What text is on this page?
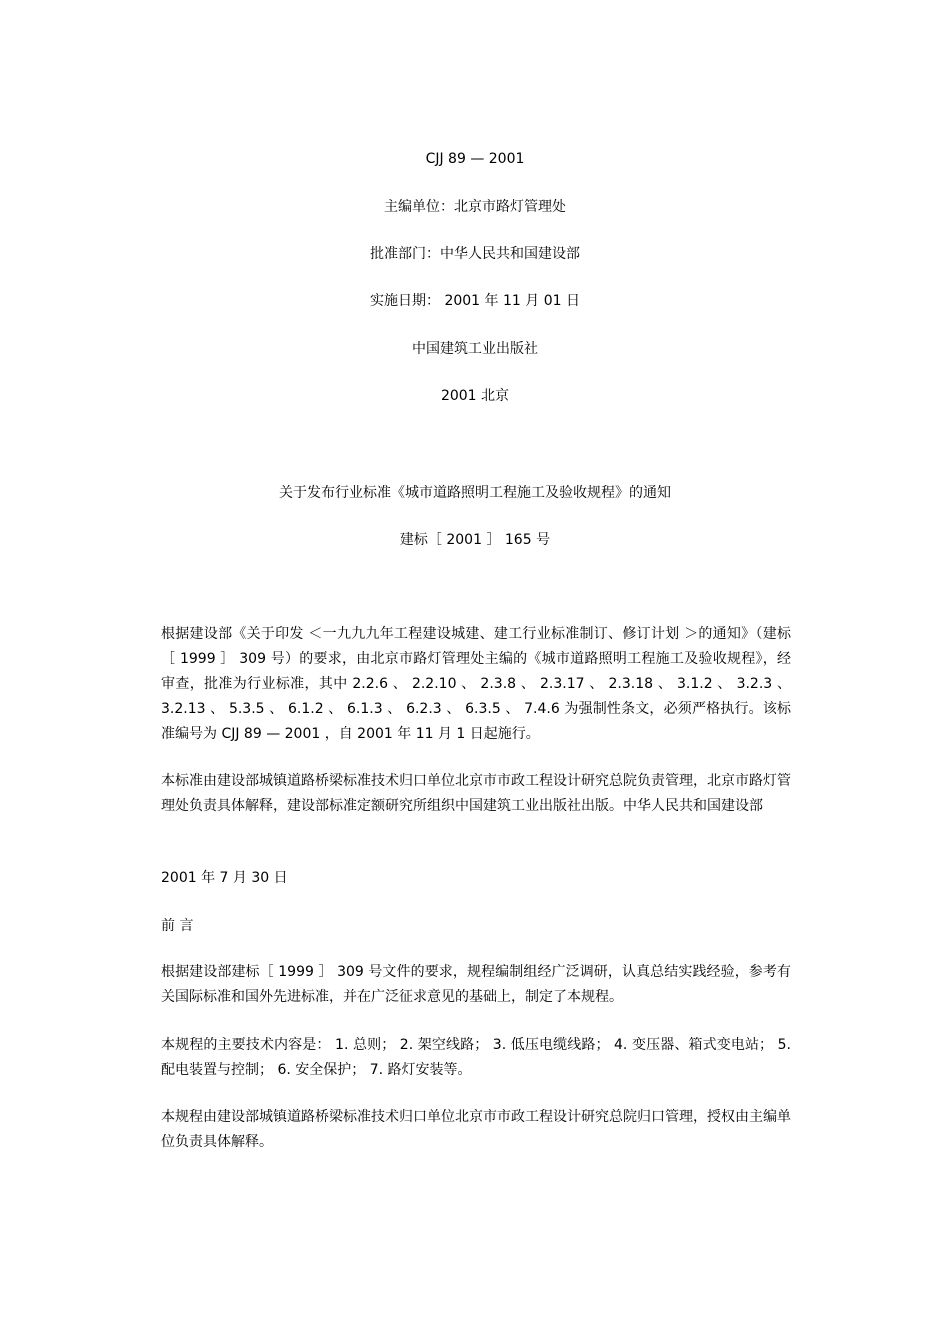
CJJ 89 — 2001
主编单位：北京市路灯管理处
批准部门：中华人民共和国建设部
实施日期： 2001 年 11 月 01 日
中国建筑工业出版社
2001 北京
关于发布行业标准《城市道路照明工程施工及验收规程》的通知
建标［ 2001 ］ 165 号
根据建设部《关于印发 ＜一九九九年工程建设城建、建工行业标准制订、修订计划 ＞的通知》（建标［ 1999 ］ 309 号）的要求，由北京市路灯管理处主编的《城市道路照明工程施工及验收规程》，经审查，批准为行业标准，其中 2.2.6 、 2.2.10 、 2.3.8 、 2.3.17 、 2.3.18 、 3.1.2 、 3.2.3 、 3.2.13 、 5.3.5 、 6.1.2 、 6.1.3 、 6.2.3 、 6.3.5 、 7.4.6 为强制性条文，必须严格执行。该标准编号为 CJJ 89 — 2001 ，自 2001 年 11 月 1 日起施行。
本标准由建设部城镇道路桥梁标准技术归口单位北京市市政工程设计研究总院负责管理，北京市路灯管理处负责具体解释，建设部标准定额研究所组织中国建筑工业出版社出版。中华人民共和国建设部
2001 年 7 月 30 日
前 言
根据建设部建标［ 1999 ］ 309 号文件的要求，规程编制组经广泛调研，认真总结实践经验，参考有关国际标准和国外先进标准，并在广泛征求意见的基础上，制定了本规程。
本规程的主要技术内容是： 1. 总则； 2. 架空线路； 3. 低压电缆线路； 4. 变压器、箱式变电站； 5. 配电装置与控制； 6. 安全保护； 7. 路灯安装等。
本规程由建设部城镇道路桥梁标准技术归口单位北京市市政工程设计研究总院归口管理，授权由主编单位负责具体解释。
